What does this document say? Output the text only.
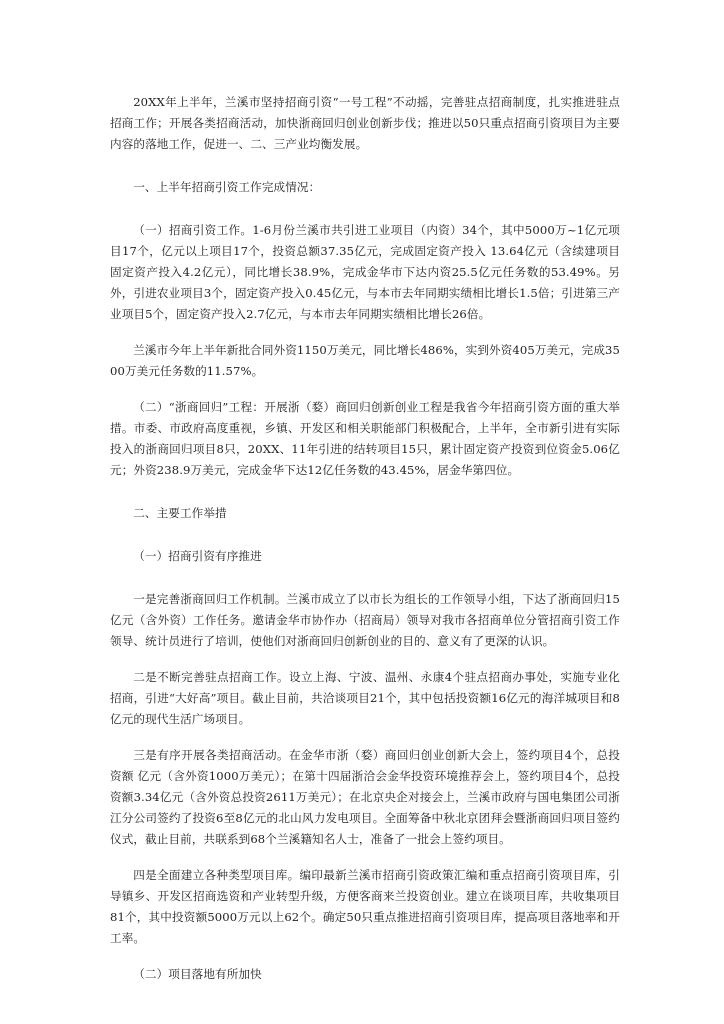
20XX年上半年，兰溪市坚持招商引资“一号工程”不动摇，完善驻点招商制度，扎实推进驻点招商工作；开展各类招商活动，加快浙商回归创业创新步伐；推进以50只重点招商引资项目为主要内容的落地工作，促进一、二、三产业均衡发展。

一、上半年招商引资工作完成情况：

（一）招商引资工作。1-6月份兰溪市共引进工业项目（内资）34个，其中5000万~1亿元项目17个，亿元以上项目17个，投资总额37.35亿元，完成固定资产投入 13.64亿元（含续建项目固定资产投入4.2亿元），同比增长38.9%，完成金华市下达内资25.5亿元任务数的53.49%。另外，引进农业项目3个，固定资产投入0.45亿元，与本市去年同期实绩相比增长1.5倍；引进第三产业项目5个，固定资产投入2.7亿元，与本市去年同期实绩相比增长26倍。

兰溪市今年上半年新批合同外资1150万美元，同比增长486%，实到外资405万美元，完成3500万美元任务数的11.57%。

（二）“浙商回归”工程：开展浙（婺）商回归创新创业工程是我省今年招商引资方面的重大举措。市委、市政府高度重视，乡镇、开发区和相关职能部门积极配合，上半年，全市新引进有实际投入的浙商回归项目8只，20XX、11年引进的结转项目15只，累计固定资产投资到位资金5.06亿元；外资238.9万美元，完成金华下达12亿任务数的43.45%，居金华第四位。

二、主要工作举措

（一）招商引资有序推进

一是完善浙商回归工作机制。兰溪市成立了以市长为组长的工作领导小组，下达了浙商回归15亿元（含外资）工作任务。邀请金华市协作办（招商局）领导对我市各招商单位分管招商引资工作领导、统计员进行了培训，使他们对浙商回归创新创业的目的、意义有了更深的认识。

二是不断完善驻点招商工作。设立上海、宁波、温州、永康4个驻点招商办事处，实施专业化招商，引进“大好高”项目。截止目前，共洽谈项目21个，其中包括投资额16亿元的海洋城项目和8亿元的现代生活广场项目。

三是有序开展各类招商活动。在金华市浙（婺）商回归创业创新大会上，签约项目4个，总投资额 亿元（含外资1000万美元）；在第十四届浙洽会金华投资环境推荐会上，签约项目4个，总投资额3.34亿元（含外资总投资2611万美元）；在北京央企对接会上，兰溪市政府与国电集团公司浙江分公司签约了投资6至8亿元的北山风力发电项目。全面筹备中秋北京团拜会暨浙商回归项目签约仪式，截止目前，共联系到68个兰溪籍知名人士，准备了一批会上签约项目。

四是全面建立各种类型项目库。编印最新兰溪市招商引资政策汇编和重点招商引资项目库，引导镇乡、开发区招商选资和产业转型升级，方便客商来兰投资创业。建立在谈项目库，共收集项目81个，其中投资额5000万元以上62个。确定50只重点推进招商引资项目库，提高项目落地率和开工率。

（二）项目落地有所加快
